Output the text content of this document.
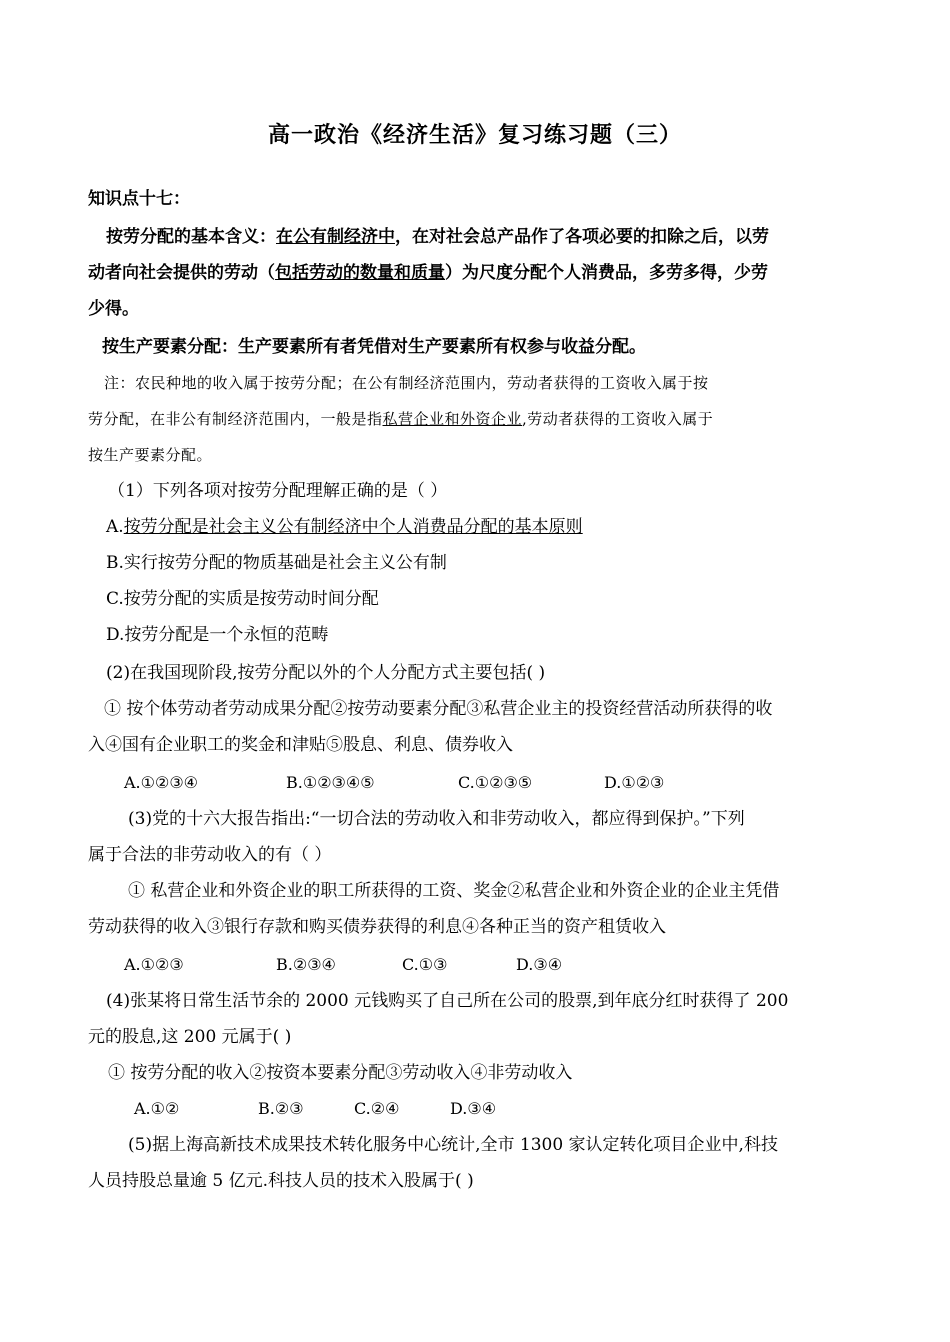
高一政治《经济生活》复习练习题（三）
知识点十七：
按劳分配的基本含义：在公有制经济中，在对社会总产品作了各项必要的扣除之后，以劳
动者向社会提供的劳动（包括劳动的数量和质量）为尺度分配个人消费品，多劳多得，少劳
少得。
按生产要素分配：生产要素所有者凭借对生产要素所有权参与收益分配。
注：农民种地的收入属于按劳分配；在公有制经济范围内，劳动者获得的工资收入属于按
劳分配，在非公有制经济范围内，一般是指私营企业和外资企业,劳动者获得的工资收入属于
按生产要素分配。
（1）下列各项对按劳分配理解正确的是（ ）
A.按劳分配是社会主义公有制经济中个人消费品分配的基本原则
B.实行按劳分配的物质基础是社会主义公有制
C.按劳分配的实质是按劳动时间分配
D.按劳分配是一个永恒的范畴
(2)在我国现阶段,按劳分配以外的个人分配方式主要包括( )
① 按个体劳动者劳动成果分配②按劳动要素分配③私营企业主的投资经营活动所获得的收
入④国有企业职工的奖金和津贴⑤股息、利息、债券收入
A.①②③④	B.①②③④⑤	C.①②③⑤	D.①②③
(3)党的十六大报告指出:“一切合法的劳动收入和非劳动收入，都应得到保护。”下列
属于合法的非劳动收入的有（ ）
① 私营企业和外资企业的职工所获得的工资、奖金②私营企业和外资企业的企业主凭借
劳动获得的收入③银行存款和购买债券获得的利息④各种正当的资产租赁收入
A.①②③	B.②③④	C.①③	D.③④
(4)张某将日常生活节余的 2000 元钱购买了自己所在公司的股票,到年底分红时获得了 200
元的股息,这 200 元属于( )
① 按劳分配的收入②按资本要素分配③劳动收入④非劳动收入
A.①②	B.②③	C.②④	D.③④
(5)据上海高新技术成果技术转化服务中心统计,全市 1300 家认定转化项目企业中,科技
人员持股总量逾 5 亿元.科技人员的技术入股属于( )
